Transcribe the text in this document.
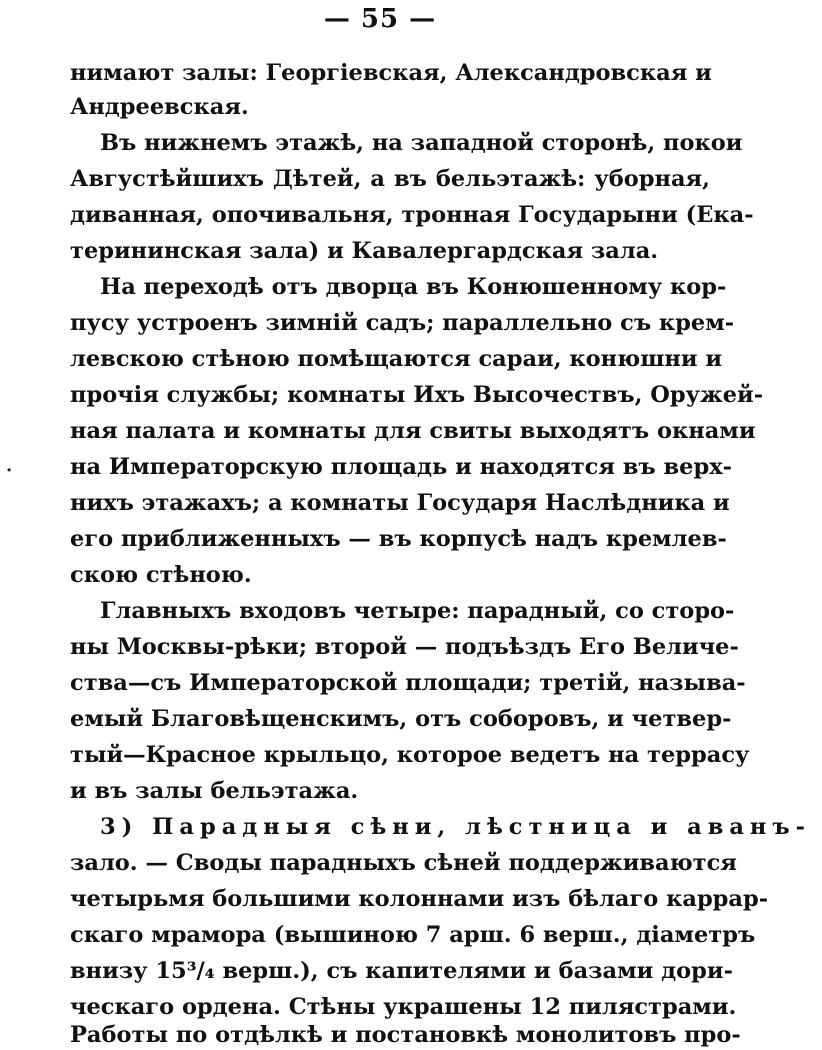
— 55 —
·
нимают залы: Георгіевская, Александровская и
Андреевская.
Въ нижнемъ этажѣ, на западной сторонѣ, покои
Августѣйшихъ Дѣтей, а въ бельэтажѣ: уборная,
диванная, опочивальня, тронная Государыни (Ека-
терининская зала) и Кавалергардская зала.
На переходѣ отъ дворца въ Конюшенному кор-
пусу устроенъ зимній садъ; параллельно съ крем-
левскою стѣною помѣщаются сараи, конюшни и
прочія службы; комнаты Ихъ Высочествъ, Оружей-
ная палата и комнаты для свиты выходятъ окнами
на Императорскую площадь и находятся въ верх-
нихъ этажахъ; а комнаты Государя Наслѣдника и
его приближенныхъ — въ корпусѣ надъ кремлев-
скою стѣною.
Главныхъ входовъ четыре: парадный, со сторо-
ны Москвы-рѣки; второй — подъѣздъ Его Величе-
ства—съ Императорской площади; третій, называ-
емый Благовѣщенскимъ, отъ соборовъ, и четвер-
тый—Красное крыльцо, которое ведетъ на террасу
и въ залы бельэтажа.
3) Парадныя сѣни, лѣстница и аванъ-
зало. — Своды парадныхъ сѣней поддерживаются
четырьмя большими колоннами изъ бѣлаго каррар-
скаго мрамора (вышиною 7 арш. 6 верш., діаметръ
внизу 15³/₄ верш.), съ капителями и базами дори-
ческаго ордена. Стѣны украшены 12 пилястрами.
Работы по отдѣлкѣ и постановкѣ монолитовъ про-
